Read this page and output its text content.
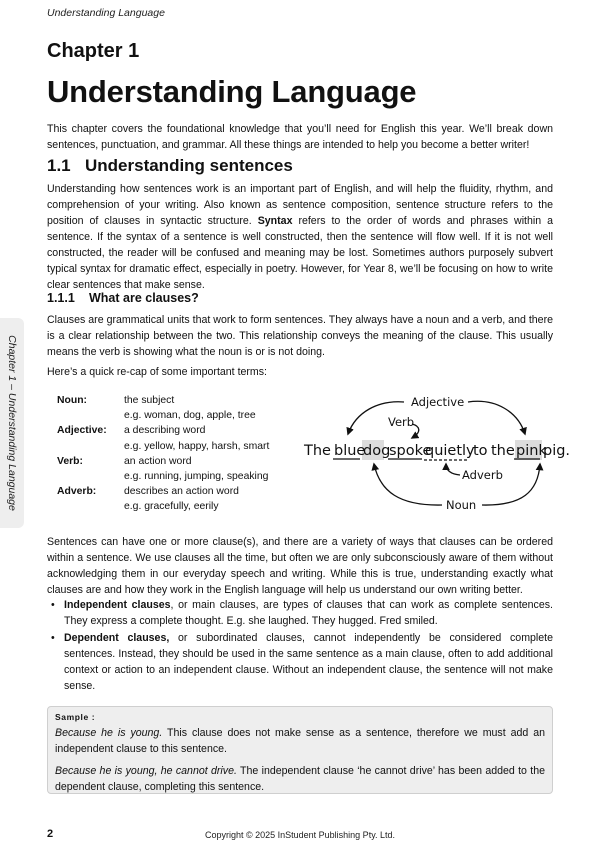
Understanding Language
Chapter 1
Understanding Language

This chapter covers the foundational knowledge that you’ll need for English this year. We’ll break down sentences, punctuation, and grammar. All these things are intended to help you become a better writer!

1.1 Understanding sentences

Understanding how sentences work is an important part of English, and will help the fluidity, rhythm, and comprehension of your writing. Also known as sentence composition, sentence structure refers to the position of clauses in syntactic structure. Syntax refers to the order of words and phrases within a sentence. If the syntax of a sentence is well constructed, then the sentence will flow well. If it is not well constructed, the reader will be confused and meaning may be lost. Sometimes authors purposely subvert typical syntax for dramatic effect, especially in poetry. However, for Year 8, we’ll be focusing on how to write clear sentences that make sense.

1.1.1 What are clauses?

Clauses are grammatical units that work to form sentences. They always have a noun and a verb, and there is a clear relationship between the two. This relationship conveys the meaning of the clause. This usually means the verb is showing what the noun is or is not doing.

Here’s a quick re-cap of some important terms:

Noun:	the subject
	e.g. woman, dog, apple, tree
Adjective:	a describing word
	e.g. yellow, happy, harsh, smart
Verb:	an action word
	e.g. running, jumping, speaking
Adverb:	describes an action word
	e.g. gracefully, eerily
The blue
dog
spoke
quietly
to the pink
pig.
Adjective
Verb
Adverb
Noun

Sentences can have one or more clause(s), and there are a variety of ways that clauses can be ordered within a sentence. We use clauses all the time, but often we are only subconsciously aware of them without acknowledging them in our everyday speech and writing. While this is true, understanding exactly what clauses are and how they work in the English language will help us understand our own writing better.

• Independent clauses, or main clauses, are types of clauses that can work as complete sentences. They express a complete thought. E.g. she laughed. They hugged. Fred smiled.
• Dependent clauses, or subordinated clauses, cannot independently be considered complete sentences. Instead, they should be used in the same sentence as a main clause, often to add additional context or action to an independent clause. Without an independent clause, the sentence will not make sense.
Sample :

Because he is young. This clause does not make sense as a sentence, therefore we must add an independent clause to this sentence.

Because he is young, he cannot drive. The independent clause ‘he cannot drive’ has been added to the dependent clause, completing this sentence.

Chapter 1 – Understanding Language
2	Copyright © 2025 InStudent Publishing Pty. Ltd.
